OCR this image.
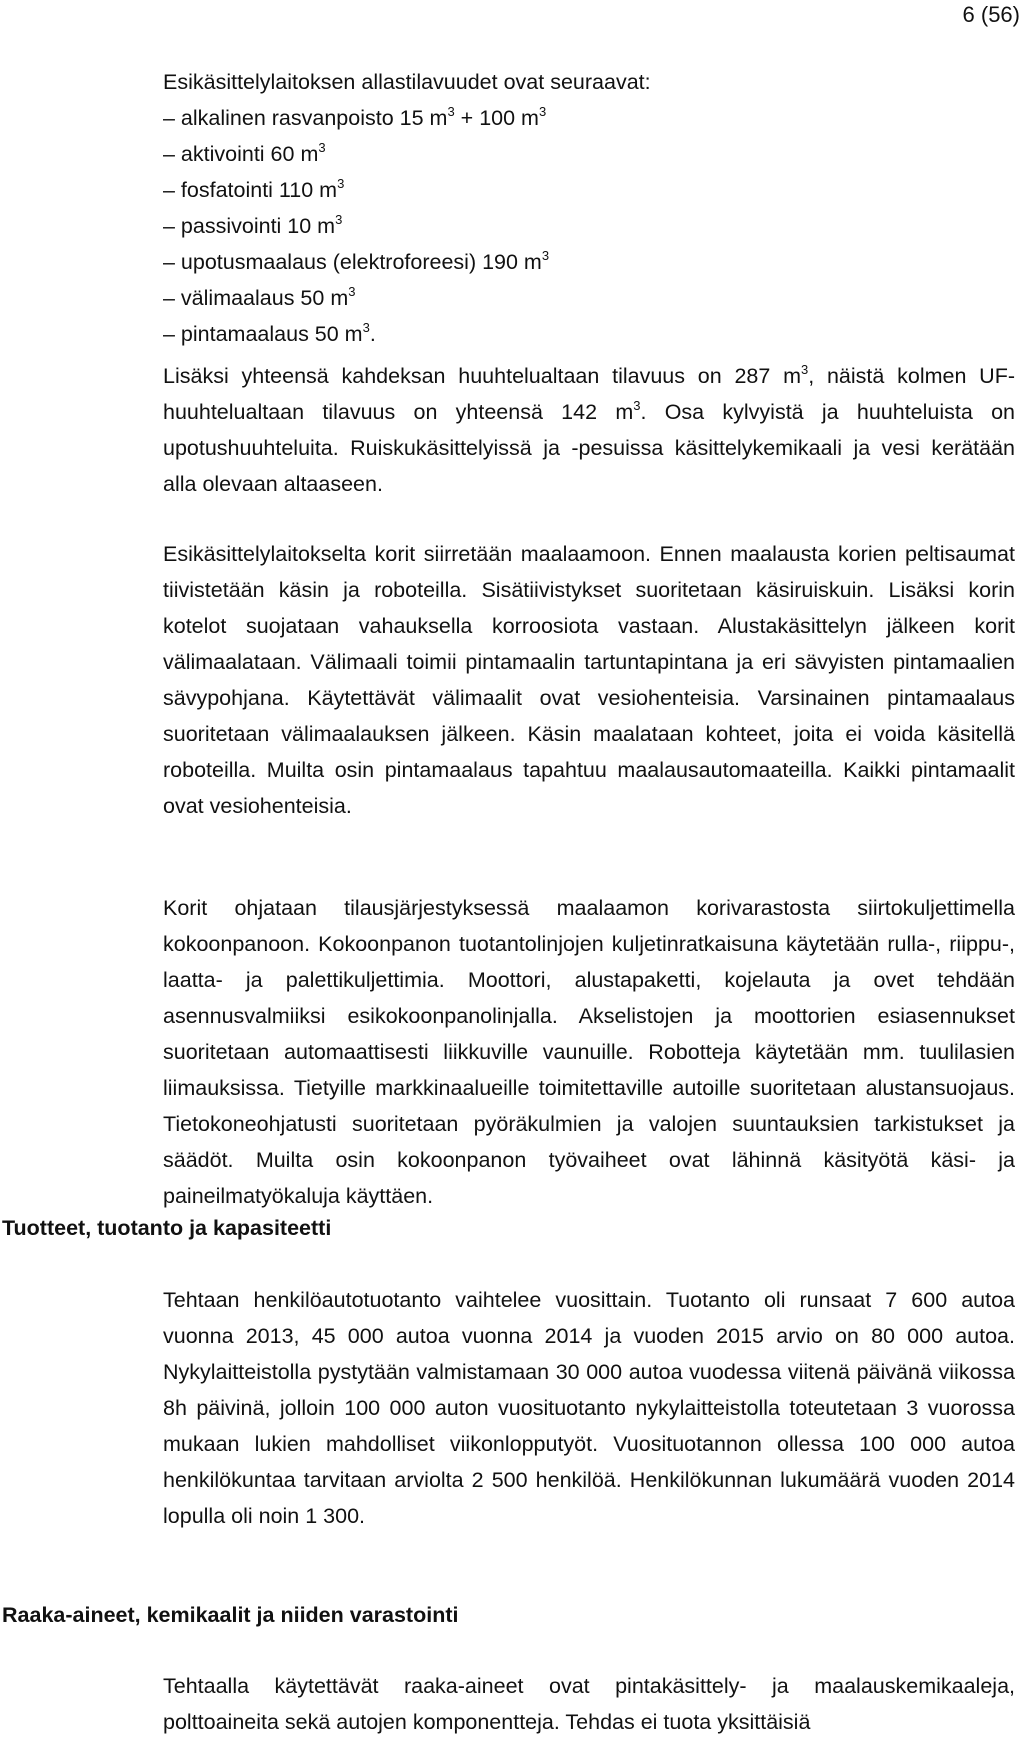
6 (56)
Esikäsittelylaitoksen allastilavuudet ovat seuraavat:
– alkalinen rasvanpoisto 15 $m^3 + 100$ $m^3$
– aktivointi 60 $m^3$
– fosfatointi 110 $m^3$
– passivointi 10 $m^3$
– upotusmaalaus (elektroforeesi) 190 $m^3$
– välimaalaus 50 $m^3$
– pintamaalaus 50 $m^3$.

Lisäksi yhteensä kahdeksan huuhtelualtaan tilavuus on 287 $m^3$, näistä kolmen UF-huuhtelualtaan tilavuus on yhteensä 142 $m^3$. Osa kylvyistä ja huuhteluista on upotushuuhteluita. Ruiskukäsittelyissä ja -pesuissa käsittelykemikaali ja vesi kerätään alla olevaan altaaseen.

Esikäsittelylaitokselta korit siirretään maalaamoon. Ennen maalausta korien peltisaumat tiivistetään käsin ja roboteilla. Sisätiivistykset suoritetaan käsiruiskuin. Lisäksi korin kotelot suojataan vahauksella korroosiota vastaan. Alustakäsittelyn jälkeen korit välimaalataan. Välimaali toimii pintamaalin tartuntapintana ja eri sävyisten pintamaalien sävypohjana. Käytettävät välimaalit ovat vesiohenteisia. Varsinainen pintamaalaus suoritetaan välimaalauksen jälkeen. Käsin maalataan kohteet, joita ei voida käsitellä roboteilla. Muilta osin pintamaalaus tapahtuu maalausautomaateilla. Kaikki pintamaalit ovat vesiohenteisia.

Korit ohjataan tilausjärjestyksessä maalaamon korivarastosta siirtokuljettimella kokoonpanoon. Kokoonpanon tuotantolinjojen kuljetinratkaisuna käytetään rulla-, riippu-, laatta- ja palettikuljettimia. Moottori, alustapaketti, kojelauta ja ovet tehdään asennusvalmiiksi esikokoonpanolinjalla. Akselistojen ja moottorien esiasennukset suoritetaan automaattisesti liikkuville vaunuille. Robotteja käytetään mm. tuulilasien liimauksissa. Tietyille markkinaalueille toimitettaville autoille suoritetaan alustansuojaus. Tietokoneohjatusti suoritetaan pyöräkulmien ja valojen suuntauksien tarkistukset ja säädöt. Muilta osin kokoonpanon työvaiheet ovat lähinnä käsityötä käsi- ja paineilmatyökaluja käyttäen.

Tuotteet, tuotanto ja kapasiteetti

Tehtaan henkilöautotuotanto vaihtelee vuosittain. Tuotanto oli runsaat 7 600 autoa vuonna 2013, 45 000 autoa vuonna 2014 ja vuoden 2015 arvio on 80 000 autoa. Nykylaitteistolla pystytään valmistamaan 30 000 autoa vuodessa viitenä päivänä viikossa 8h päivinä, jolloin 100 000 auton vuosituotanto nykylaitteistolla toteutetaan 3 vuorossa mukaan lukien mahdolliset viikonlopputyöt. Vuosituotannon ollessa 100 000 autoa henkilökuntaa tarvitaan arviolta 2 500 henkilöä. Henkilökunnan lukumäärä vuoden 2014 lopulla oli noin 1 300.

Raaka-aineet, kemikaalit ja niiden varastointi

Tehtaalla käytettävät raaka-aineet ovat pintakäsittely- ja maalauskemikaaleja, polttoaineita sekä autojen komponentteja. Tehdas ei tuota yksittäisiä
